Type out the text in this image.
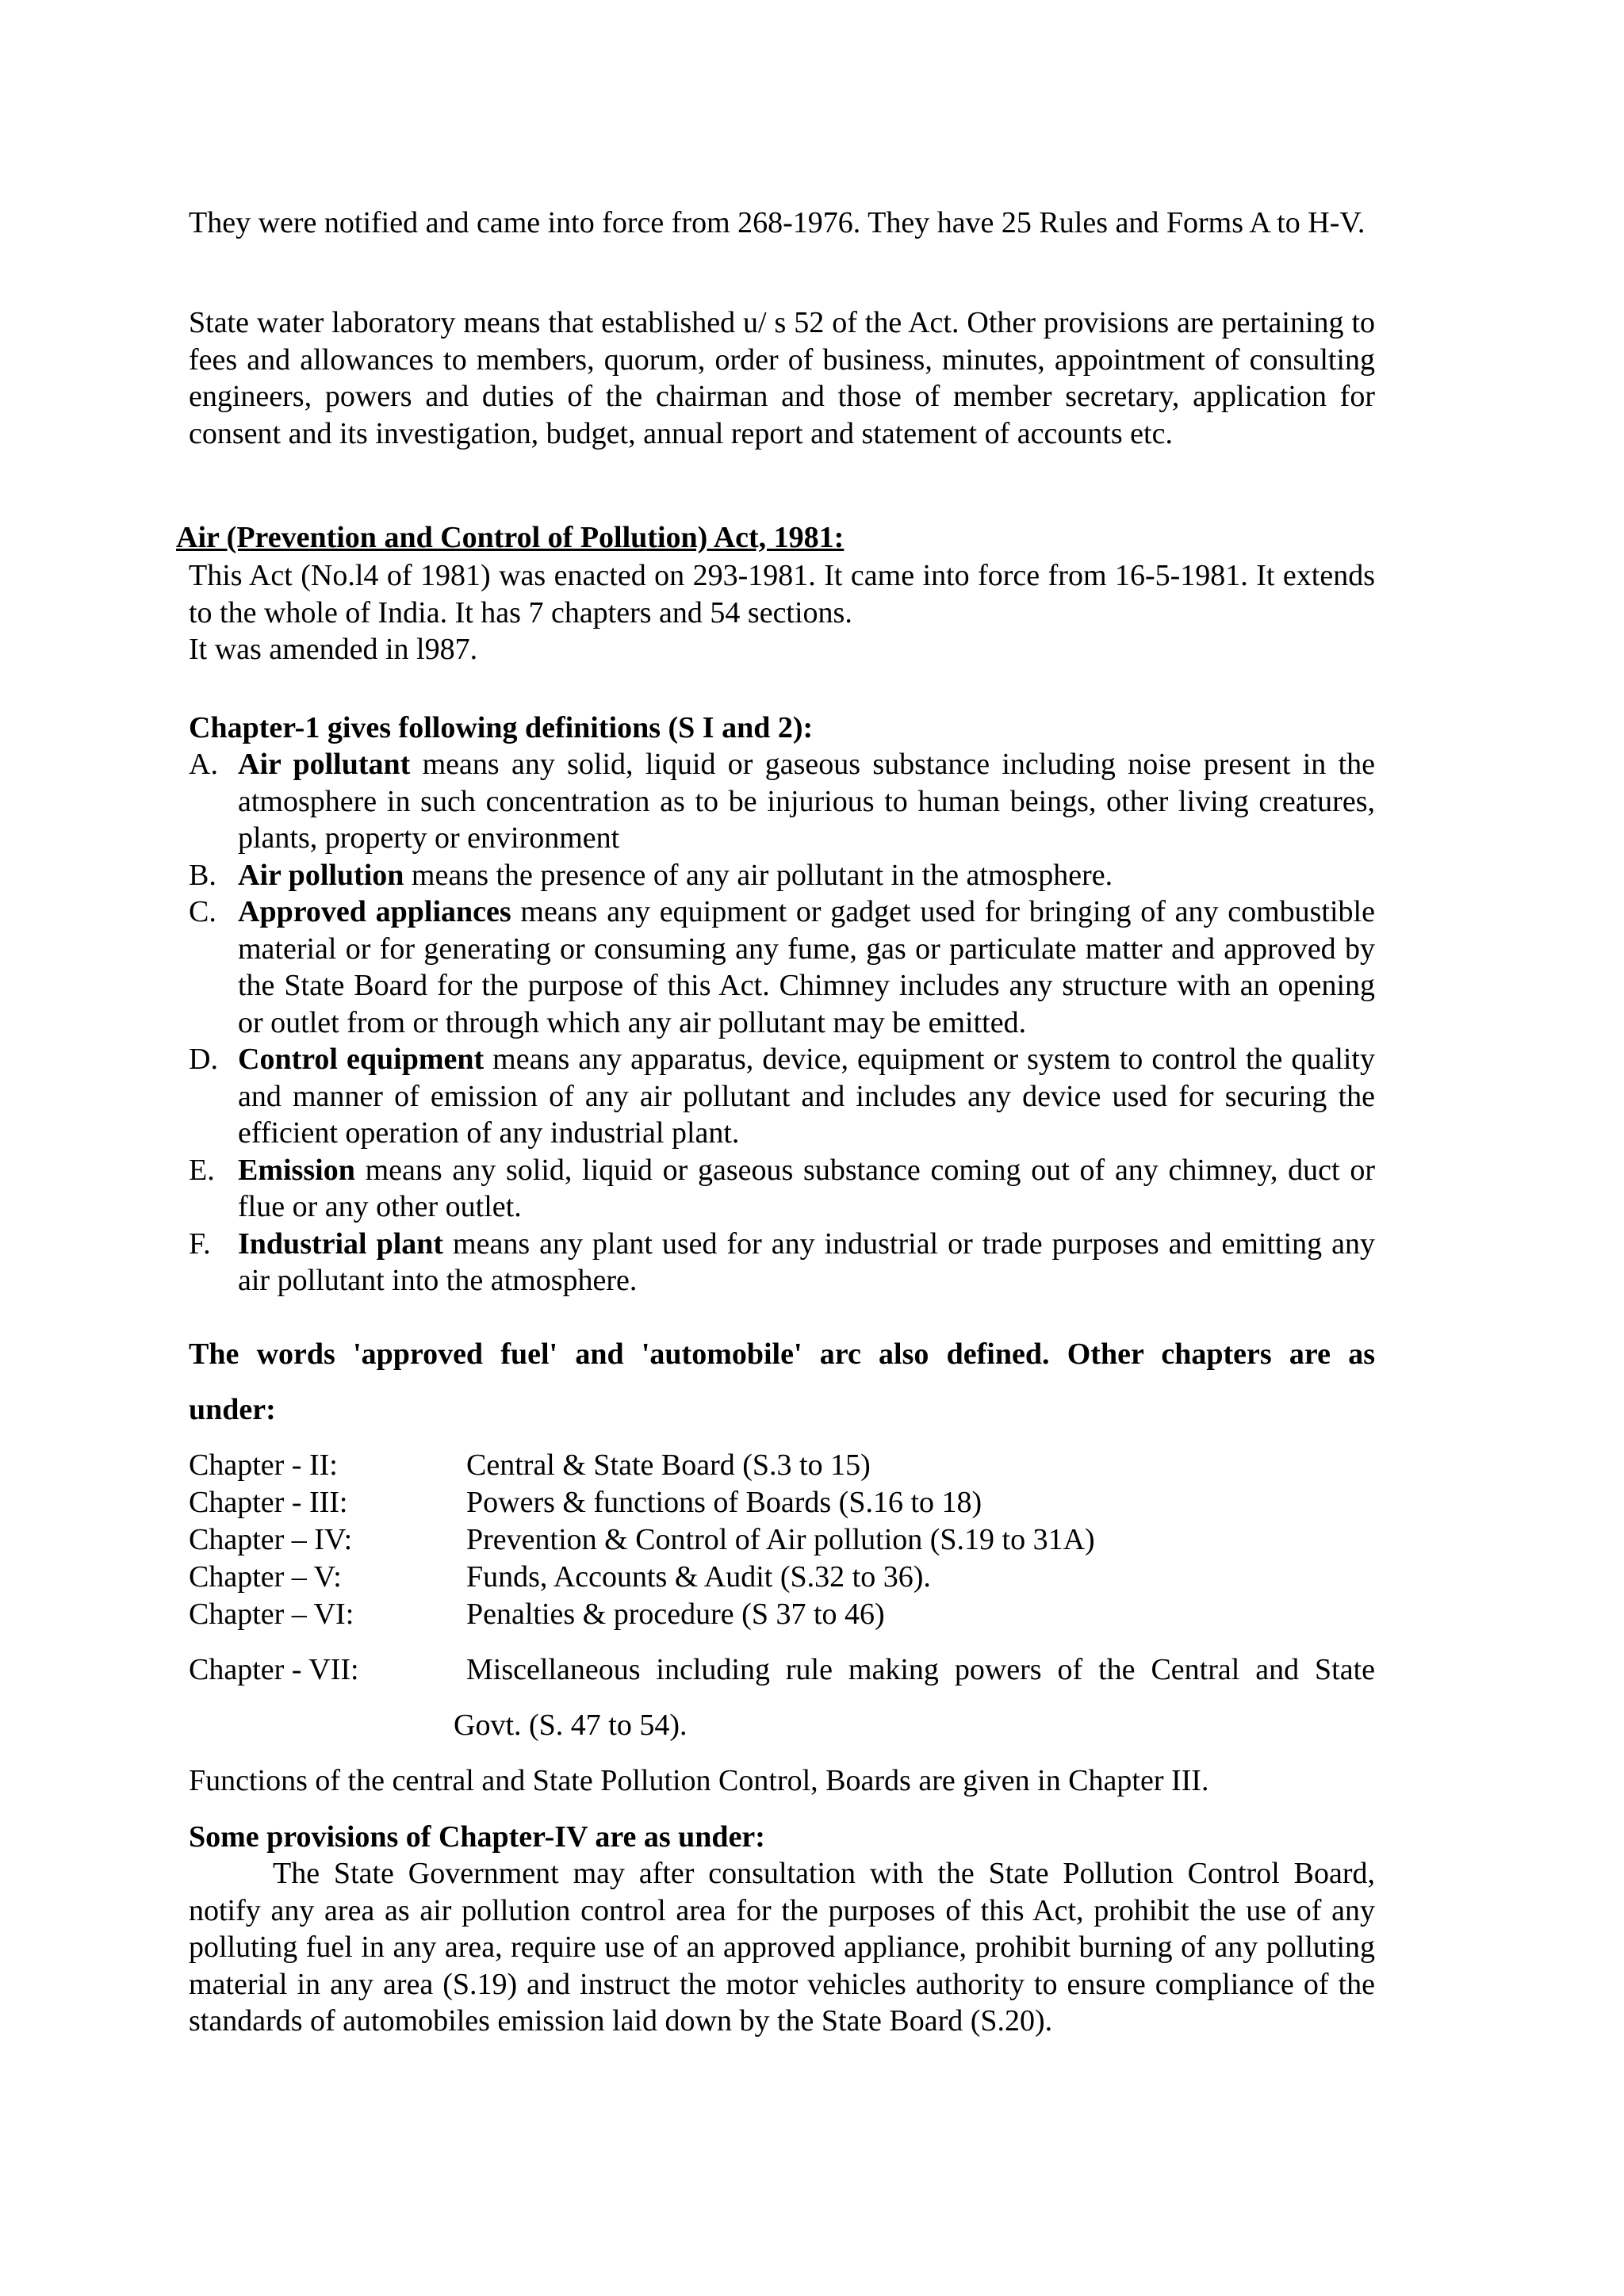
They were notified and came into force from 268-1976. They have 25 Rules and Forms A to H-V.

State water laboratory means that established u/ s 52 of the Act. Other provisions are pertaining to fees and allowances to members, quorum, order of business, minutes, appointment of consulting engineers, powers and duties of the chairman and those of member secretary, application for consent and its investigation, budget, annual report and statement of accounts etc.

Air (Prevention and Control of Pollution) Act, 1981:

This Act (No.l4 of 1981) was enacted on 293-1981. It came into force from 16-5-1981. It extends to the whole of India. It has 7 chapters and 54 sections.

It was amended in l987.

Chapter-1 gives following definitions (S I and 2):

A. Air pollutant means any solid, liquid or gaseous substance including noise present in the atmosphere in such concentration as to be injurious to human beings, other living creatures, plants, property or environment
B. Air pollution means the presence of any air pollutant in the atmosphere.
C. Approved appliances means any equipment or gadget used for bringing of any combustible material or for generating or consuming any fume, gas or particulate matter and approved by the State Board for the purpose of this Act. Chimney includes any structure with an opening or outlet from or through which any air pollutant may be emitted.
D. Control equipment means any apparatus, device, equipment or system to control the quality and manner of emission of any air pollutant and includes any device used for securing the efficient operation of any industrial plant.
E. Emission means any solid, liquid or gaseous substance coming out of any chimney, duct or flue or any other outlet.
F. Industrial plant means any plant used for any industrial or trade purposes and emitting any air pollutant into the atmosphere.

The words 'approved fuel' and 'automobile' arc also defined. Other chapters are as

under:

Chapter - II:	Central & State Board (S.3 to 15)
Chapter - III:	Powers & functions of Boards (S.16 to 18)
Chapter – IV:	Prevention & Control of Air pollution (S.19 to 31A)
Chapter – V:	Funds, Accounts & Audit (S.32 to 36).
Chapter – VI:	Penalties & procedure (S 37 to 46)
Chapter - VII:	Miscellaneous including rule making powers of the Central and State
Govt. (S. 47 to 54).

Functions of the central and State Pollution Control, Boards are given in Chapter III.

Some provisions of Chapter-IV are as under:

The State Government may after consultation with the State Pollution Control Board, notify any area as air pollution control area for the purposes of this Act, prohibit the use of any polluting fuel in any area, require use of an approved appliance, prohibit burning of any polluting material in any area (S.19) and instruct the motor vehicles authority to ensure compliance of the standards of automobiles emission laid down by the State Board (S.20).
